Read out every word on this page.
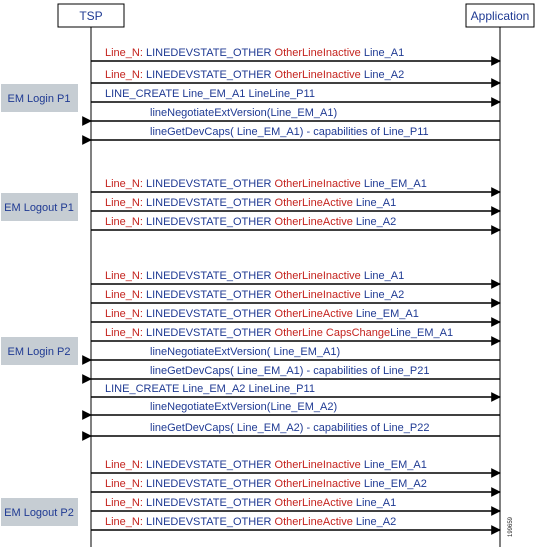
TSP	Application
EM Login P1
EM Logout P1
EM Login P2
EM Logout P2
Line_N: LINEDEVSTATE_OTHER OtherLineInactive Line_A1
Line_N: LINEDEVSTATE_OTHER OtherLineInactive Line_A2
LINE_CREATE Line_EM_A1 LineLine_P11
lineNegotiateExtVersion(Line_EM_A1)
lineGetDevCaps( Line_EM_A1) - capabilities of Line_P11
Line_N: LINEDEVSTATE_OTHER OtherLineInactive Line_EM_A1
Line_N: LINEDEVSTATE_OTHER OtherLineActive Line_A1
Line_N: LINEDEVSTATE_OTHER OtherLineActive Line_A2
Line_N: LINEDEVSTATE_OTHER OtherLineInactive Line_A1
Line_N: LINEDEVSTATE_OTHER OtherLineInactive Line_A2
Line_N: LINEDEVSTATE_OTHER OtherLineActive Line_EM_A1
Line_N: LINEDEVSTATE_OTHER OtherLine CapsChangeLine_EM_A1
lineNegotiateExtVersion( Line_EM_A1)
lineGetDevCaps( Line_EM_A1) - capabilities of Line_P21
LINE_CREATE Line_EM_A2 LineLine_P11
lineNegotiateExtVersion(Line_EM_A2)
lineGetDevCaps( Line_EM_A2) - capabilities of Line_P22
Line_N: LINEDEVSTATE_OTHER OtherLineInactive Line_EM_A1
Line_N: LINEDEVSTATE_OTHER OtherLineInactive Line_EM_A2
Line_N: LINEDEVSTATE_OTHER OtherLineActive Line_A1
Line_N: LINEDEVSTATE_OTHER OtherLineActive Line_A2	199659
